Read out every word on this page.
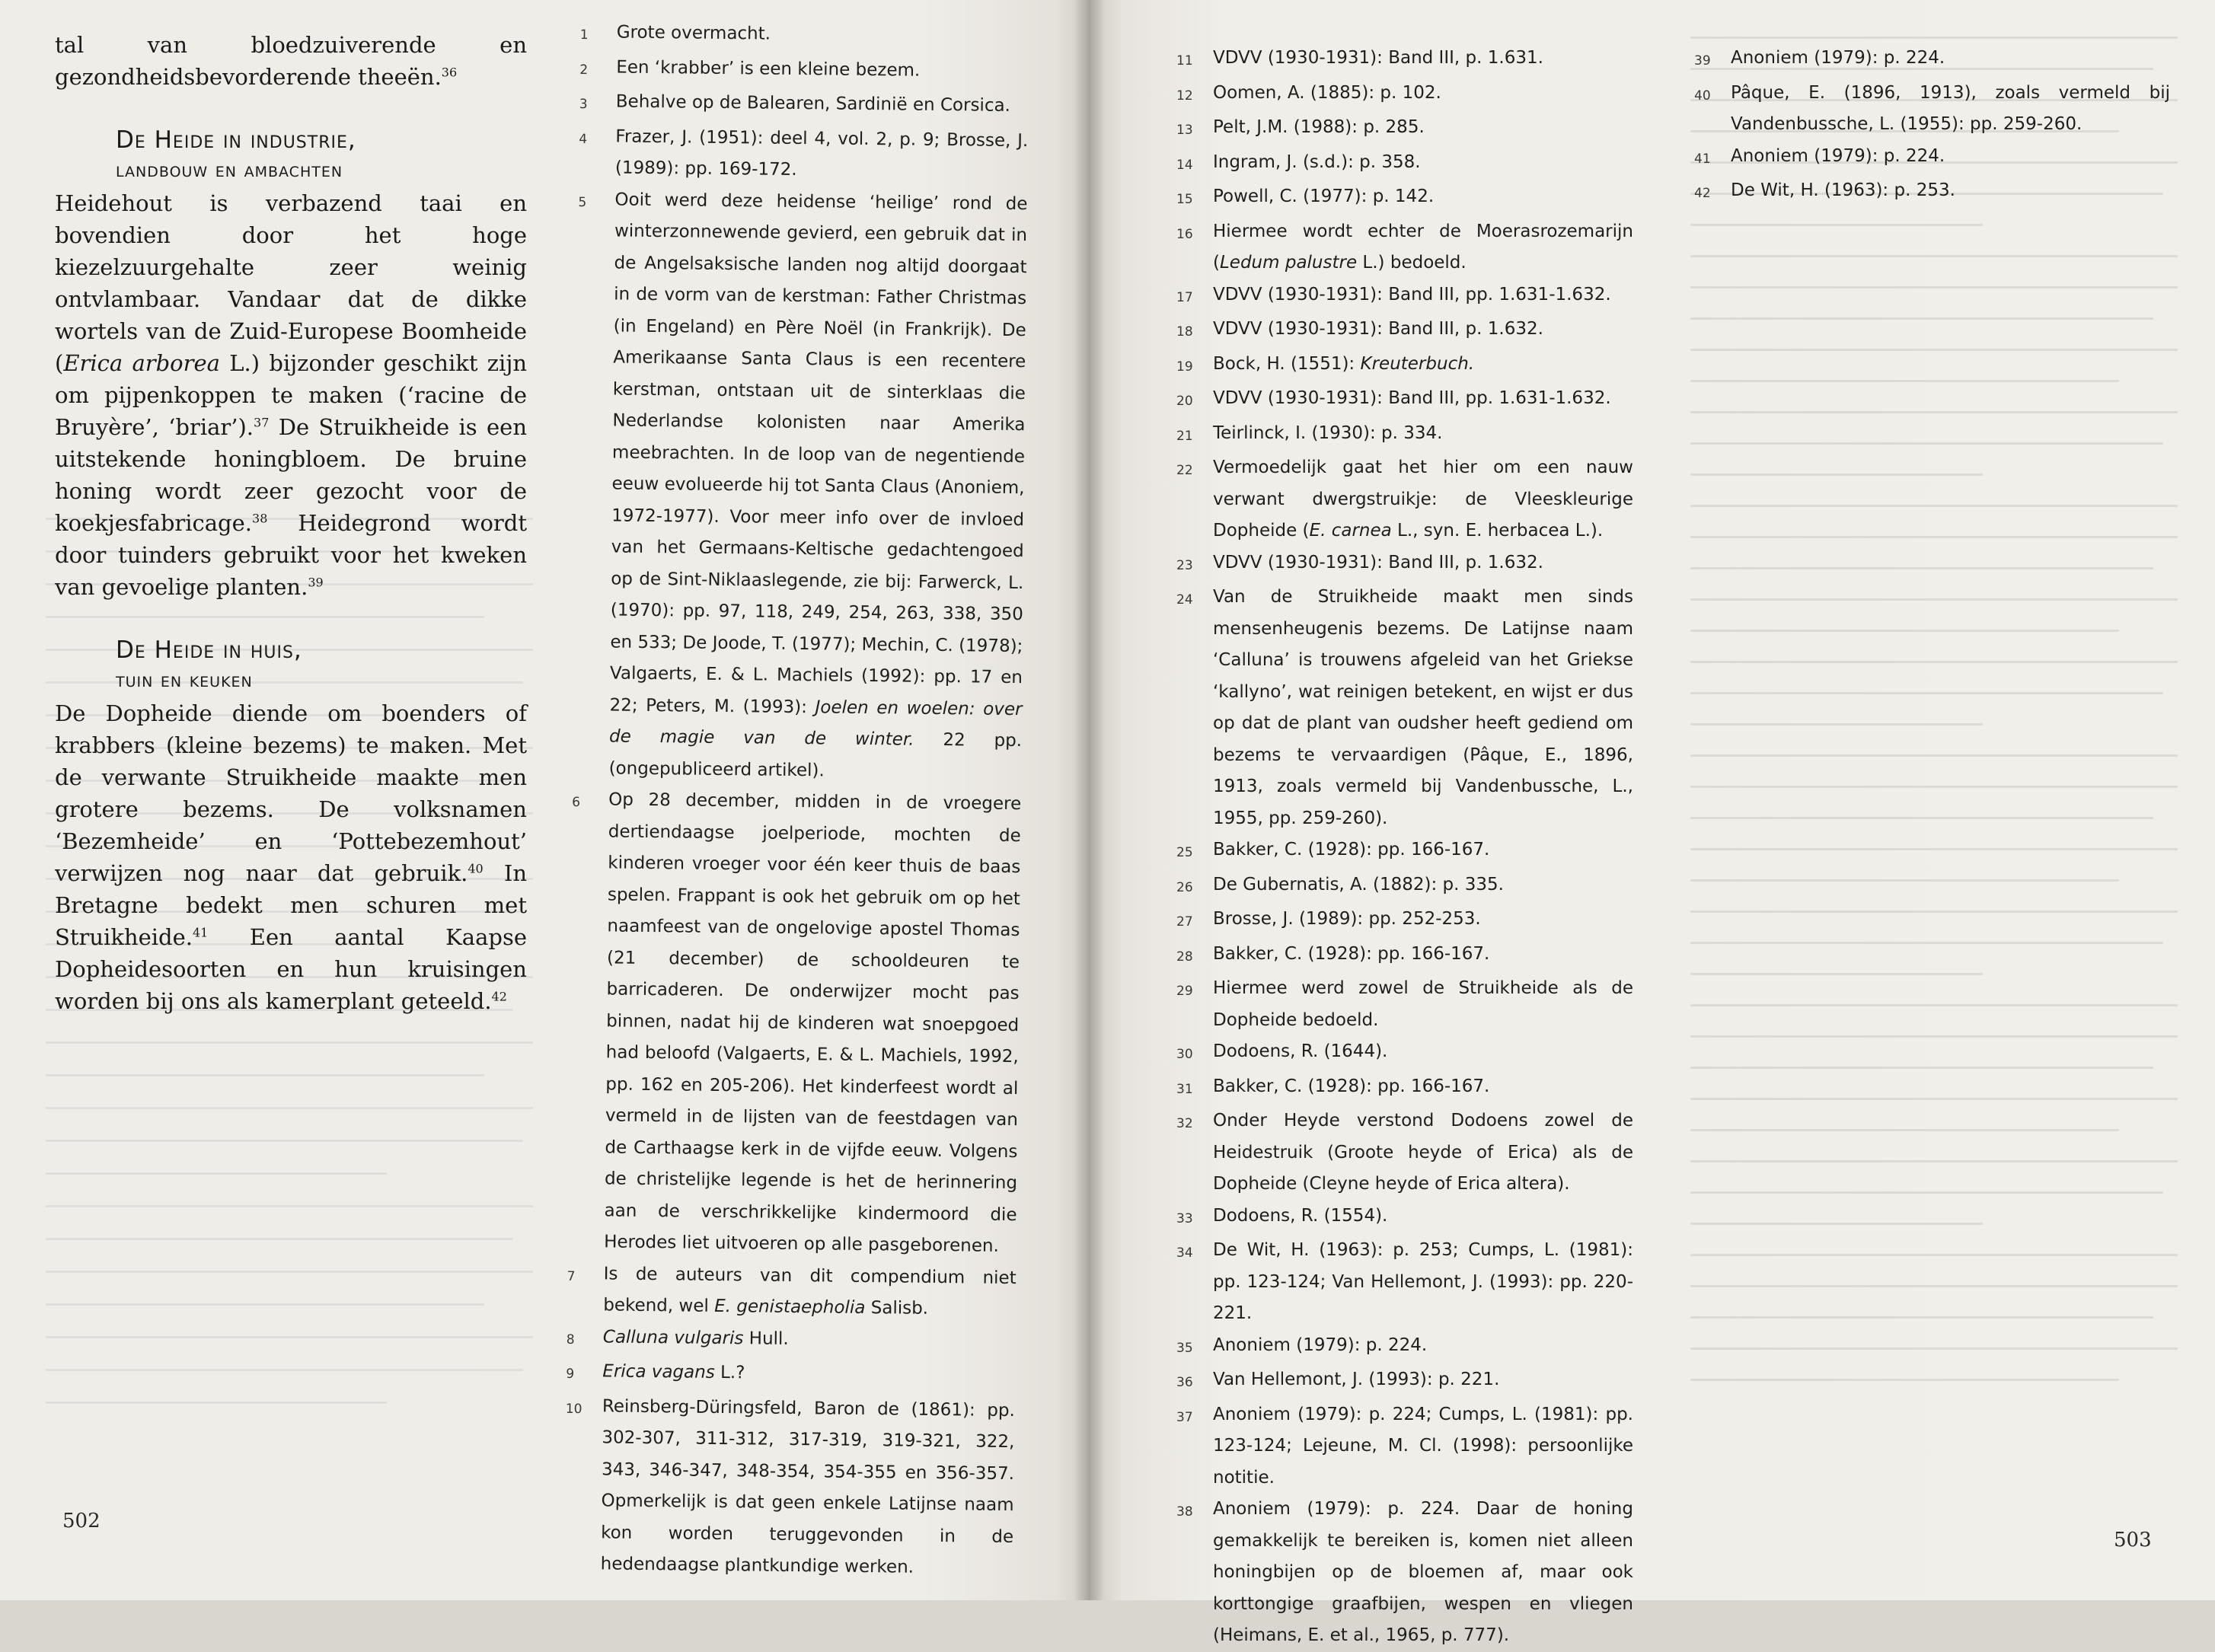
tal van bloedzuiverende en gezondheidsbevorderende theeën.$^{36}$

De Heide in industrie,
landbouw en ambachten

Heidehout is verbazend taai en bovendien door het hoge kiezelzuurgehalte zeer weinig ontvlambaar. Vandaar dat de dikke wortels van de Zuid-Europese Boomheide (Erica arborea L.) bijzonder geschikt zijn om pijpenkoppen te maken (‘racine de Bruyère’, ‘briar’).$^{37}$ De Struikheide is een uitstekende honingbloem. De bruine honing wordt zeer gezocht voor de koekjesfabricage.$^{38}$ Heidegrond wordt door tuinders gebruikt voor het kweken van gevoelige planten.$^{39}$

De Heide in huis,
tuin en keuken

De Dopheide diende om boenders of krabbers (kleine bezems) te maken. Met de verwante Struikheide maakte men grotere bezems. De volksnamen ‘Bezemheide’ en ‘Pottebezemhout’ verwijzen nog naar dat gebruik.$^{40}$ In Bretagne bedekt men schuren met Struikheide.$^{41}$ Een aantal Kaapse Dopheidesoorten en hun kruisingen worden bij ons als kamerplant geteeld.$^{42}$

1	Grote overmacht.
2	Een ‘krabber’ is een kleine bezem.
3	Behalve op de Balearen, Sardinië en Corsica.
4	Frazer, J. (1951): deel 4, vol. 2, p. 9; Brosse, J. (1989): pp. 169-172.
5	Ooit werd deze heidense ‘heilige’ rond de winterzonnewende gevierd, een gebruik dat in de Angelsaksische landen nog altijd doorgaat in de vorm van de kerstman: Father Christmas (in Engeland) en Père Noël (in Frankrijk). De Amerikaanse Santa Claus is een recentere kerstman, ontstaan uit de sinterklaas die Nederlandse kolonisten naar Amerika meebrachten. In de loop van de negentiende eeuw evolueerde hij tot Santa Claus (Anoniem, 1972-1977). Voor meer info over de invloed van het Germaans-Keltische gedachtengoed op de Sint-Niklaaslegende, zie bij: Farwerck, L. (1970): pp. 97, 118, 249, 254, 263, 338, 350 en 533; De Joode, T. (1977); Mechin, C. (1978); Valgaerts, E. & L. Machiels (1992): pp. 17 en 22; Peters, M. (1993): Joelen en woelen: over de magie van de winter. 22 pp. (ongepubliceerd artikel).
6	Op 28 december, midden in de vroegere dertiendaagse joelperiode, mochten de kinderen vroeger voor één keer thuis de baas spelen. Frappant is ook het gebruik om op het naamfeest van de ongelovige apostel Thomas (21 december) de schooldeuren te barricaderen. De onderwijzer mocht pas binnen, nadat hij de kinderen wat snoepgoed had beloofd (Valgaerts, E. & L. Machiels, 1992, pp. 162 en 205-206). Het kinderfeest wordt al vermeld in de lijsten van de feestdagen van de Carthaagse kerk in de vijfde eeuw. Volgens de christelijke legende is het de herinnering aan de verschrikkelijke kindermoord die Herodes liet uitvoeren op alle pasgeborenen.
7	Is de auteurs van dit compendium niet bekend, wel E. genistaepholia Salisb.
8	Calluna vulgaris Hull.
9	Erica vagans L.?
10	Reinsberg-Düringsfeld, Baron de (1861): pp. 302-307, 311-312, 317-319, 319-321, 322, 343, 346-347, 348-354, 354-355 en 356-357. Opmerkelijk is dat geen enkele Latijnse naam kon worden teruggevonden in de hedendaagse plantkundige werken.
502
11	VDVV (1930-1931): Band III, p. 1.631.
12	Oomen, A. (1885): p. 102.
13	Pelt, J.M. (1988): p. 285.
14	Ingram, J. (s.d.): p. 358.
15	Powell, C. (1977): p. 142.
16	Hiermee wordt echter de Moerasrozemarijn (Ledum palustre L.) bedoeld.
17	VDVV (1930-1931): Band III, pp. 1.631-1.632.
18	VDVV (1930-1931): Band III, p. 1.632.
19	Bock, H. (1551): Kreuterbuch.
20	VDVV (1930-1931): Band III, pp. 1.631-1.632.
21	Teirlinck, I. (1930): p. 334.
22	Vermoedelijk gaat het hier om een nauw verwant dwergstruikje: de Vleeskleurige Dopheide (E. carnea L., syn. E. herbacea L.).
23	VDVV (1930-1931): Band III, p. 1.632.
24	Van de Struikheide maakt men sinds mensenheugenis bezems. De Latijnse naam ‘Calluna’ is trouwens afgeleid van het Griekse ‘kallyno’, wat reinigen betekent, en wijst er dus op dat de plant van oudsher heeft gediend om bezems te vervaardigen (Pâque, E., 1896, 1913, zoals vermeld bij Vandenbussche, L., 1955, pp. 259-260).
25	Bakker, C. (1928): pp. 166-167.
26	De Gubernatis, A. (1882): p. 335.
27	Brosse, J. (1989): pp. 252-253.
28	Bakker, C. (1928): pp. 166-167.
29	Hiermee werd zowel de Struikheide als de Dopheide bedoeld.
30	Dodoens, R. (1644).
31	Bakker, C. (1928): pp. 166-167.
32	Onder Heyde verstond Dodoens zowel de Heidestruik (Groote heyde of Erica) als de Dopheide (Cleyne heyde of Erica altera).
33	Dodoens, R. (1554).
34	De Wit, H. (1963): p. 253; Cumps, L. (1981): pp. 123-124; Van Hellemont, J. (1993): pp. 220-221.
35	Anoniem (1979): p. 224.
36	Van Hellemont, J. (1993): p. 221.
37	Anoniem (1979): p. 224; Cumps, L. (1981): pp. 123-124; Lejeune, M. Cl. (1998): persoonlijke notitie.
38	Anoniem (1979): p. 224. Daar de honing gemakkelijk te bereiken is, komen niet alleen honingbijen op de bloemen af, maar ook korttongige graafbijen, wespen en vliegen (Heimans, E. et al., 1965, p. 777).
39	Anoniem (1979): p. 224.
40	Pâque, E. (1896, 1913), zoals vermeld bij Vandenbussche, L. (1955): pp. 259-260.
41	Anoniem (1979): p. 224.
42	De Wit, H. (1963): p. 253.
503
